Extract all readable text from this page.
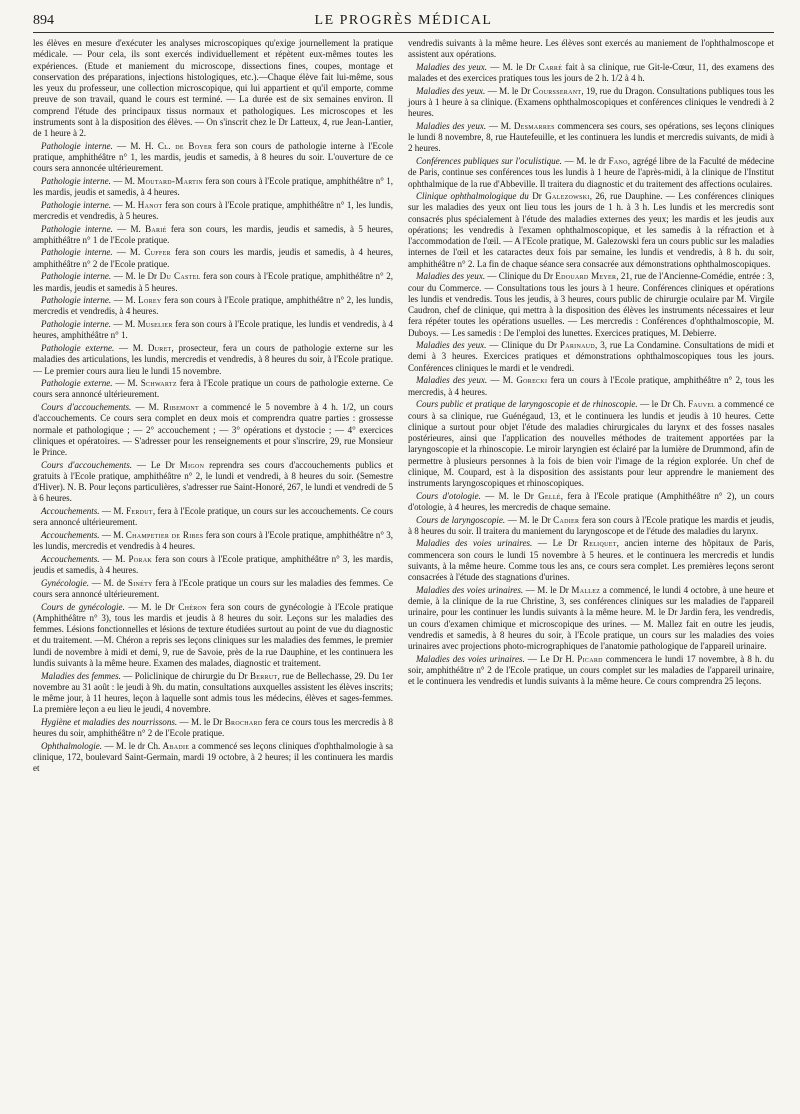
894	LE PROGRÈS MÉDICAL

les élèves en mesure d'exécuter les analyses microscopiques qu'exige journellement la pratique médicale. — Pour cela, ils sont exercés individuellement et répètent eux-mêmes toutes les expériences. (Etude et maniement du microscope, dissections fines, coupes, montage et conservation des préparations, injections histologiques, etc.).—Chaque élève fait lui-même, sous les yeux du professeur, une collection microscopique, qui lui appartient et qu'il emporte, comme preuve de son travail, quand le cours est terminé. — La durée est de six semaines environ. Il comprend l'étude des principaux tissus normaux et pathologiques. Les microscopes et les instruments sont à la disposition des élèves. — On s'inscrit chez le Dr Latteux, 4, rue Jean-Lantier, de 1 heure à 2.

Pathologie interne. — M. H. Cl. de Boyer fera son cours de pathologie interne à l'Ecole pratique, amphithéâtre n° 1, les mardis, jeudis et samedis, à 8 heures du soir. L'ouverture de ce cours sera annoncée ultérieurement.

Pathologie interne. — M. Moutard-Martin fera son cours à l'Ecole pratique, amphithéâtre n° 1, les mardis, jeudis et samedis, à 4 heures.

Pathologie interne. — M. Hanot fera son cours à l'Ecole pratique, amphithéâtre n° 1, les lundis, mercredis et vendredis, à 5 heures.

Pathologie interne. — M. Barié fera son cours, les mardis, jeudis et samedis, à 5 heures, amphithéâtre n° 1 de l'Ecole pratique.

Pathologie interne. — M. Cuffer fera son cours les mardis, jeudis et samedis, à 4 heures, amphithéâtre n° 2 de l'Ecole pratique.

Pathologie interne. — M. le Dr Du Castel fera son cours à l'Ecole pratique, amphithéâtre n° 2, les mardis, jeudis et samedis à 5 heures.

Pathologie interne. — M. Lorey fera son cours à l'Ecole pratique, amphithéâtre n° 2, les lundis, mercredis et vendredis, à 4 heures.

Pathologie interne. — M. Muselier fera son cours à l'Ecole pratique, les lundis et vendredis, à 4 heures, amphithéâtre n° 1.

Pathologie externe. — M. Duret, prosecteur, fera un cours de pathologie externe sur les maladies des articulations, les lundis, mercredis et vendredis, à 8 heures du soir, à l'Ecole pratique. — Le premier cours aura lieu le lundi 15 novembre.

Pathologie externe. — M. Schwartz fera à l'Ecole pratique un cours de pathologie externe. Ce cours sera annoncé ultérieurement.

Cours d'accouchements. — M. Ribemont a commencé le 5 novembre à 4 h. 1/2, un cours d'accouchements. Ce cours sera complet en deux mois et comprendra quatre parties : grossesse normale et pathologique ; — 2° accouchement ; — 3° opérations et dystocie ; — 4° exercices cliniques et opératoires. — S'adresser pour les renseignements et pour s'inscrire, 29, rue Monsieur le Prince.

Cours d'accouchements. — Le Dr Migon reprendra ses cours d'accouchements publics et gratuits à l'Ecole pratique, amphithéâtre n° 2, le lundi et vendredi, à 8 heures du soir. (Semestre d'Hiver). N. B. Pour leçons particulières, s'adresser rue Saint-Honoré, 267, le lundi et vendredi de 5 à 6 heures.

Accouchements. — M. Ferdut, fera à l'Ecole pratique, un cours sur les accouchements. Ce cours sera annoncé ultérieurement.

Accouchements. — M. Champetier de Ribes fera son cours à l'Ecole pratique, amphithéâtre n° 3, les lundis, mercredis et vendredis à 4 heures.

Accouchements. — M. Porak fera son cours à l'Ecole pratique, amphithéâtre n° 3, les mardis, jeudis et samedis, à 4 heures.

Gynécologie. — M. de Sinéty fera à l'Ecole pratique un cours sur les maladies des femmes. Ce cours sera annoncé ultérieurement.

Cours de gynécologie. — M. le Dr Chéron fera son cours de gynécologie à l'Ecole pratique (Amphithéâtre n° 3), tous les mardis et jeudis à 8 heures du soir. Leçons sur les maladies des femmes. Lésions fonctionnelles et lésions de texture étudiées surtout au point de vue du diagnostic et du traitement. —M. Chéron a repris ses leçons cliniques sur les maladies des femmes, le premier lundi de novembre à midi et demi, 9, rue de Savoie, près de la rue Dauphine, et les continuera les lundis suivants à la même heure. Examen des malades, diagnostic et traitement.

Maladies des femmes. — Policlinique de chirurgie du Dr Berrut, rue de Bellechasse, 29. Du 1er novembre au 31 août : le jeudi à 9h. du matin, consultations auxquelles assistent les élèves inscrits; le même jour, à 11 heures, leçon à laquelle sont admis tous les médecins, élèves et sages-femmes. La première leçon a eu lieu le jeudi, 4 novembre.

Hygiène et maladies des nourrissons. — M. le Dr Brochard fera ce cours tous les mercredis à 8 heures du soir, amphithéâtre n° 2 de l'Ecole pratique.

Ophthalmologie. — M. le dr Ch. Abadie a commencé ses leçons cliniques d'ophthalmologie à sa clinique, 172, boulevard Saint-Germain, mardi 19 octobre, à 2 heures; il les continuera les mardis et

vendredis suivants à la même heure. Les élèves sont exercés au maniement de l'ophthalmoscope et assistent aux opérations.

Maladies des yeux. — M. le Dr Carré fait à sa clinique, rue Git-le-Cœur, 11, des examens des malades et des exercices pratiques tous les jours de 2 h. 1/2 à 4 h.

Maladies des yeux. — M. le Dr Coursserant, 19, rue du Dragon. Consultations publiques tous les jours à 1 heure à sa clinique. (Examens ophthalmoscopiques et conférences cliniques le vendredi à 2 heures.

Maladies des yeux. — M. Desmarres commencera ses cours, ses opérations, ses leçons cliniques le lundi 8 novembre, 8, rue Hautefeuille, et les continuera les lundis et mercredis suivants, de midi à 2 heures.

Conférences publiques sur l'oculistique. — M. le dr Fano, agrégé libre de la Faculté de médecine de Paris, continue ses conférences tous les lundis à 1 heure de l'après-midi, à la clinique de l'Institut ophthalmique de la rue d'Abbeville. Il traitera du diagnostic et du traitement des affections oculaires.

Clinique ophthalmologique du Dr Galezowski, 26, rue Dauphine. — Les conférences cliniques sur les maladies des yeux ont lieu tous les jours de 1 h. à 3 h. Les lundis et les mercredis sont consacrés plus spécialement à l'étude des maladies externes des yeux; les mardis et les jeudis aux opérations; les vendredis à l'examen ophthalmoscopique, et les samedis à la réfraction et à l'accommodation de l'œil. — A l'Ecole pratique, M. Galezowski fera un cours public sur les maladies internes de l'œil et les cataractes deux fois par semaine, les lundis et vendredis, à 8 h. du soir, amphithéâtre n° 2. La fin de chaque séance sera consacrée aux démonstrations ophthalmoscopiques.

Maladies des yeux. — Clinique du Dr Edouard Meyer, 21, rue de l'Ancienne-Comédie, entrée : 3, cour du Commerce. — Consultations tous les jours à 1 heure. Conférences cliniques et opérations les lundis et vendredis. Tous les jeudis, à 3 heures, cours public de chirurgie oculaire par M. Virgile Caudron, chef de clinique, qui mettra à la disposition des élèves les instruments nécessaires et leur fera répéter toutes les opérations usuelles. — Les mercredis : Conférences d'ophthalmoscopie, M. Duboys. — Les samedis : De l'emploi des lunettes. Exercices pratiques, M. Debierre.

Maladies des yeux. — Clinique du Dr Parinaud, 3, rue La Condamine. Consultations de midi et demi à 3 heures. Exercices pratiques et démonstrations ophthalmoscopiques tous les jours. Conférences cliniques le mardi et le vendredi.

Maladies des yeux. — M. Gorecki fera un cours à l'Ecole pratique, amphithéâtre n° 2, tous les mercredis, à 4 heures.

Cours public et pratique de laryngoscopie et de rhinoscopie. — le Dr Ch. Fauvel a commencé ce cours à sa clinique, rue Guénégaud, 13, et le continuera les lundis et jeudis à 10 heures. Cette clinique a surtout pour objet l'étude des maladies chirurgicales du larynx et des fosses nasales postérieures, ainsi que l'application des nouvelles méthodes de traitement apportées par la laryngoscopie et la rhinoscopie. Le miroir laryngien est éclairé par la lumière de Drummond, afin de permettre à plusieurs personnes à la fois de bien voir l'image de la région explorée. Un chef de clinique, M. Coupard, est à la disposition des assistants pour leur apprendre le maniement des instruments laryngoscopiques et rhinoscopiques.

Cours d'otologie. — M. le Dr Gellé, fera à l'Ecole pratique (Amphithéâtre n° 2), un cours d'otologie, à 4 heures, les mercredis de chaque semaine.

Cours de laryngoscopie. — M. le Dr Cadier fera son cours à l'Ecole pratique les mardis et jeudis, à 8 heures du soir. Il traitera du maniement du laryngoscope et de l'étude des maladies du larynx.

Maladies des voies urinaires. — Le Dr Reliquet, ancien interne des hôpitaux de Paris, commencera son cours le lundi 15 novembre à 5 heures. et le continuera les mercredis et lundis suivants, à la même heure. Comme tous les ans, ce cours sera complet. Les premières leçons seront consacrées à l'étude des stagnations d'urines.

Maladies des voies urinaires. — M. le Dr Mallez a commencé, le lundi 4 octobre, à une heure et demie, à la clinique de la rue Christine, 3, ses conférences cliniques sur les maladies de l'appareil urinaire, pour les continuer les lundis suivants à la même heure. M. le Dr Jardin fera, les vendredis, un cours d'examen chimique et microscopique des urines. — M. Mallez fait en outre les jeudis, vendredis et samedis, à 8 heures du soir, à l'Ecole pratique, un cours sur les maladies des voies urinaires avec projections photo-micrographiques de l'anatomie pathologique de l'appareil urinaire.

Maladies des voies urinaires. — Le Dr H. Picard commencera le lundi 17 novembre, à 8 h. du soir, amphithéâtre n° 2 de l'Ecole pratique, un cours complet sur les maladies de l'appareil urinaire, et le continuera les vendredis et lundis suivants à la même heure. Ce cours comprendra 25 leçons.
